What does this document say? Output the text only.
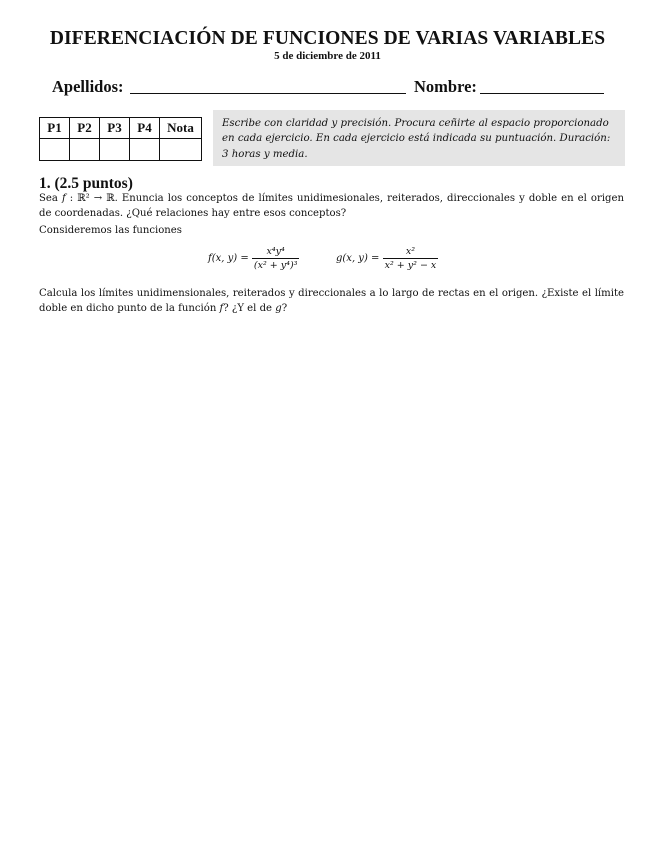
DIFERENCIACIÓN DE FUNCIONES DE VARIAS VARIABLES
5 de diciembre de 2011
Apellidos:	Nombre:
P1	P2	P3	P4	Nota
					Escribe con claridad y precisión. Procura ceñirte al espacio proporcionado
en cada ejercicio. En cada ejercicio está indicada su puntuación. Duración:
3 horas y media.
1. (2.5 puntos)
Sea f : ℝ² → ℝ. Enuncia los conceptos de límites unidimesionales, reiterados, direccionales y doble en el origen de coordenadas. ¿Qué relaciones hay entre esos conceptos?
Consideremos las funciones
f(x, $y) = \frac{\text{x⁴y⁴}}{\text{(x² + y⁴)³}}$	g(x, $y) = \frac{\text{x²}}{\text{x² + y² − x}}$
Calcula los límites unidimensionales, reiterados y direccionales a lo largo de rectas en el origen. ¿Existe el límite doble en dicho punto de la función f? ¿Y el de g?
